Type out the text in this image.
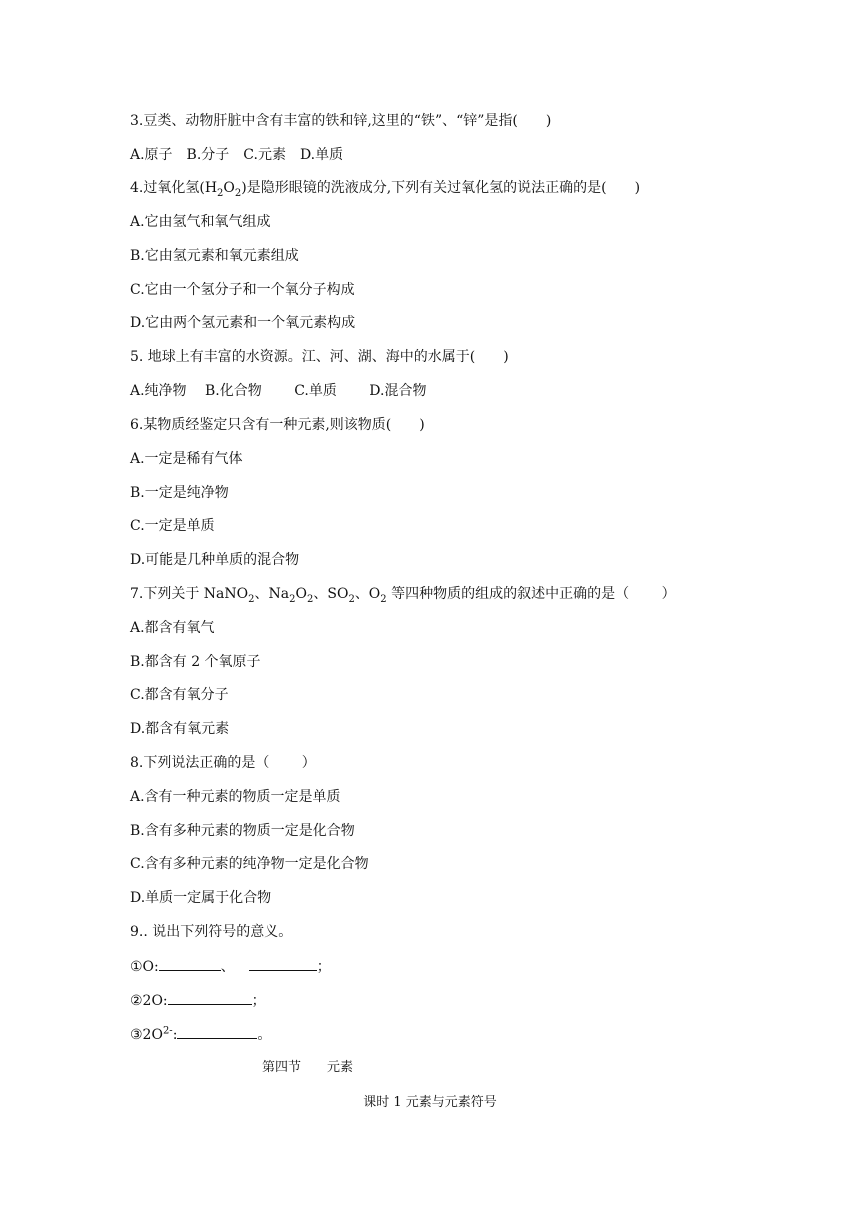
3.豆类、动物肝脏中含有丰富的铁和锌,这里的“铁”、“锌”是指(　　)
A.原子　B.分子　C.元素　D.单质
4.过氧化氢$(H_2O_2)$是隐形眼镜的洗液成分,下列有关过氧化氢的说法正确的是(　　)
A.它由氢气和氧气组成
B.它由氢元素和氧元素组成
C.它由一个氢分子和一个氧分子构成
D.它由两个氢元素和一个氧元素构成
5. 地球上有丰富的水资源。江、河、湖、海中的水属于(　　)
A.纯净物　 B.化合物　　 C.单质　　 D.混合物
6.某物质经鉴定只含有一种元素,则该物质(　　)
A.一定是稀有气体
B.一定是纯净物
C.一定是单质
D.可能是几种单质的混合物
7.下列关于 NaNO$_2$、$Na_2O_2$、$SO_2$、$O_2$ 等四种物质的组成的叙述中正确的是（　　 ）
A.都含有氧气
B.都含有 2 个氧原子
C.都含有氧分子
D.都含有氧元素
8.下列说法正确的是（　　 ）
A.含有一种元素的物质一定是单质
B.含有多种元素的物质一定是化合物
C.含有多种元素的纯净物一定是化合物
D.单质一定属于化合物
9.. 说出下列符号的意义。
①O:	、	；
②2O:	；
$③2O^{2-}$:	。
第四节　　元素
课时 1 元素与元素符号
